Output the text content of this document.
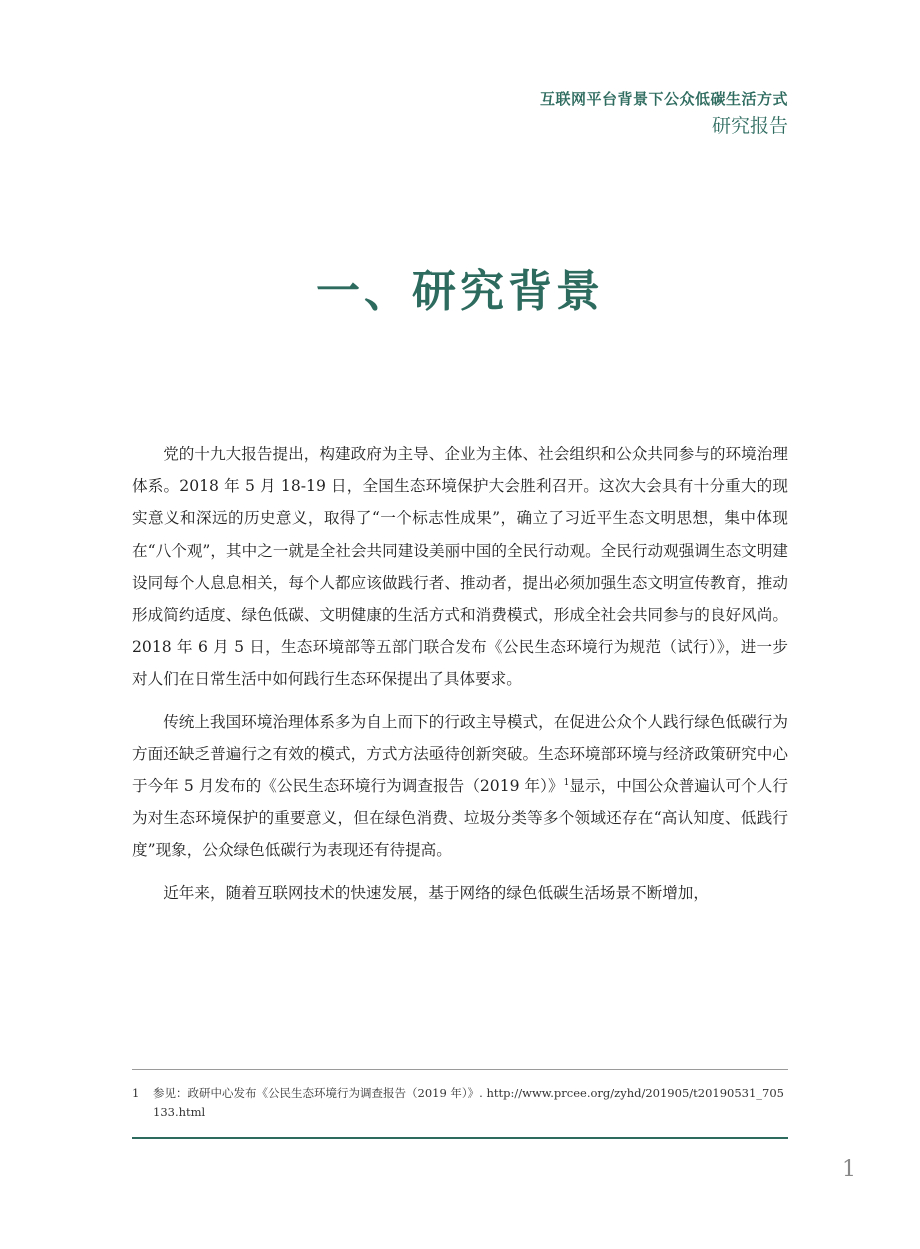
互联网平台背景下公众低碳生活方式
研究报告
一、研究背景

党的十九大报告提出，构建政府为主导、企业为主体、社会组织和公众共同参与的环境治理体系。2018 年 5 月 18-19 日，全国生态环境保护大会胜利召开。这次大会具有十分重大的现实意义和深远的历史意义，取得了“一个标志性成果”，确立了习近平生态文明思想，集中体现在“八个观”，其中之一就是全社会共同建设美丽中国的全民行动观。全民行动观强调生态文明建设同每个人息息相关，每个人都应该做践行者、推动者，提出必须加强生态文明宣传教育，推动形成简约适度、绿色低碳、文明健康的生活方式和消费模式，形成全社会共同参与的良好风尚。2018 年 6 月 5 日，生态环境部等五部门联合发布《公民生态环境行为规范（试行）》，进一步对人们在日常生活中如何践行生态环保提出了具体要求。

传统上我国环境治理体系多为自上而下的行政主导模式，在促进公众个人践行绿色低碳行为方面还缺乏普遍行之有效的模式，方式方法亟待创新突破。生态环境部环境与经济政策研究中心于今年 5 月发布的《公民生态环境行为调查报告（2019 年）》$^1$显示，中国公众普遍认可个人行为对生态环境保护的重要意义，但在绿色消费、垃圾分类等多个领域还存在“高认知度、低践行度”现象，公众绿色低碳行为表现还有待提高。

近年来，随着互联网技术的快速发展，基于网络的绿色低碳生活场景不断增加，

1	参见：政研中心发布《公民生态环境行为调查报告（2019 年）》. http://www.prcee.org/zyhd/201905/t20190531_705133.html
1
